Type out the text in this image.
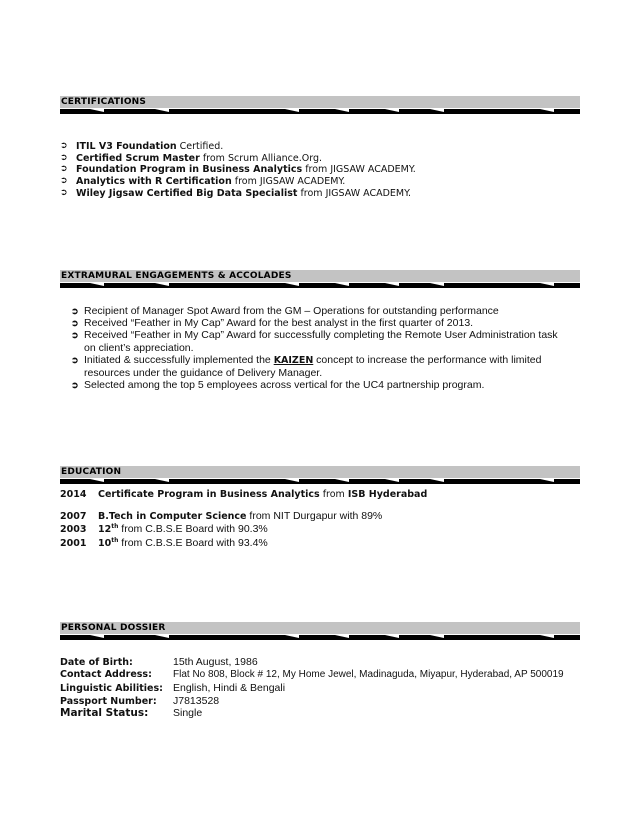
CERTIFICATIONS
➲ ITIL V3 Foundation Certified.
➲ Certified Scrum Master from Scrum Alliance.Org.
➲ Foundation Program in Business Analytics from JIGSAW ACADEMY.
➲ Analytics with R Certification from JIGSAW ACADEMY.
➲ Wiley Jigsaw Certified Big Data Specialist from JIGSAW ACADEMY.
EXTRAMURAL ENGAGEMENTS & ACCOLADES
➲ Recipient of Manager Spot Award from the GM – Operations for outstanding performance
➲ Received “Feather in My Cap” Award for the best analyst in the first quarter of 2013.
➲ Received “Feather in My Cap” Award for successfully completing the Remote User Administration task on client’s appreciation.
➲ Initiated & successfully implemented the KAIZEN concept to increase the performance with limited resources under the guidance of Delivery Manager.
➲ Selected among the top 5 employees across vertical for the UC4 partnership program.
EDUCATION
2014 Certificate Program in Business Analytics from ISB Hyderabad
2007 B.Tech in Computer Science from NIT Durgapur with 89%
2003 12th from C.B.S.E Board with 90.3%
2001 10th from C.B.S.E Board with 93.4%
PERSONAL DOSSIER
Date of Birth:	15th August, 1986
Contact Address: Flat No 808, Block # 12, My Home Jewel, Madinaguda, Miyapur, Hyderabad, AP 500019
Linguistic Abilities: English, Hindi & Bengali
Passport Number: J7813528
Marital Status: Single
